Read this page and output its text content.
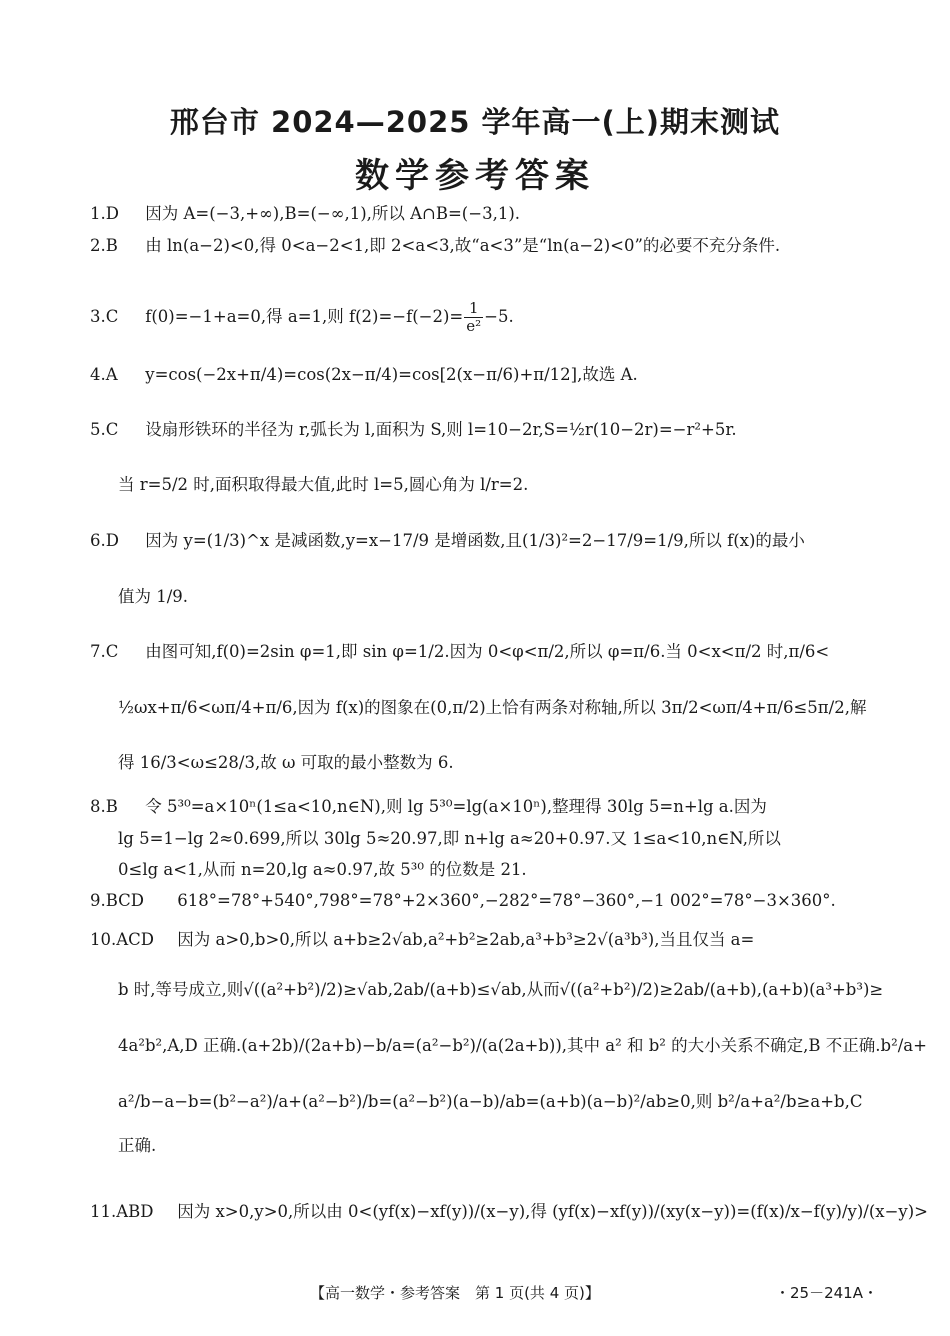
邢台市 2024—2025 学年高一(上)期末测试
数学参考答案
1.D 因为 A=(−3,+∞),B=(−∞,1),所以 A∩B=(−3,1).
2.B 由 ln(a−2)<0,得 0<a−2<1,即 2<a<3,故“a<3”是“ln(a−2)<0”的必要不充分条件.
3.C f(0)=−1+a=0,得 a=1,则 $f(2)=-f(-2)= \frac{1}{\text{e²}} -5$.
4.A y=cos(−2x+π/4)=cos(2x−π/4)=cos[2(x−π/6)+π/12],故选 A.
5.C 设扇形铁环的半径为 r,弧长为 l,面积为 S,则 l=10−2r,S=½r(10−2r)=−r²+5r.
当 r=5/2 时,面积取得最大值,此时 l=5,圆心角为 l/r=2.
6.D 因为 y=(1/3)^x 是减函数,y=x−17/9 是增函数,且(1/3)²=2−17/9=1/9,所以 f(x)的最小
值为 1/9.
7.C 由图可知,f(0)=2sin φ=1,即 sin φ=1/2.因为 0<φ<π/2,所以 φ=π/6.当 0<x<π/2 时,π/6<
½ωx+π/6<ωπ/4+π/6,因为 f(x)的图象在(0,π/2)上恰有两条对称轴,所以 3π/2<ωπ/4+π/6≤5π/2,解
得 16/3<ω≤28/3,故 ω 可取的最小整数为 6.
8.B 令 5³⁰=a×10ⁿ(1≤a<10,n∈N),则 lg 5³⁰=lg(a×10ⁿ),整理得 30lg 5=n+lg a.因为
lg 5=1−lg 2≈0.699,所以 30lg 5≈20.97,即 n+lg a≈20+0.97.又 1≤a<10,n∈N,所以
0≤lg a<1,从而 n=20,lg a≈0.97,故 5³⁰ 的位数是 21.
9.BCD 618°=78°+540°,798°=78°+2×360°,−282°=78°−360°,−1 002°=78°−3×360°.
10.ACD 因为 a>0,b>0,所以 a+b≥2√ab,a²+b²≥2ab,a³+b³≥2√(a³b³),当且仅当 a=
b 时,等号成立,则√((a²+b²)/2)≥√ab,2ab/(a+b)≤√ab,从而√((a²+b²)/2)≥2ab/(a+b),(a+b)(a³+b³)≥
4a²b²,A,D 正确.(a+2b)/(2a+b)−b/a=(a²−b²)/(a(2a+b)),其中 a² 和 b² 的大小关系不确定,B 不正确.b²/a+
a²/b−a−b=(b²−a²)/a+(a²−b²)/b=(a²−b²)(a−b)/ab=(a+b)(a−b)²/ab≥0,则 b²/a+a²/b≥a+b,C
正确.
11.ABD 因为 x>0,y>0,所以由 0<(yf(x)−xf(y))/(x−y),得 (yf(x)−xf(y))/(xy(x−y))=(f(x)/x−f(y)/y)/(x−y)>
【高一数学・参考答案　第 1 页(共 4 页)】	・25－241A・
